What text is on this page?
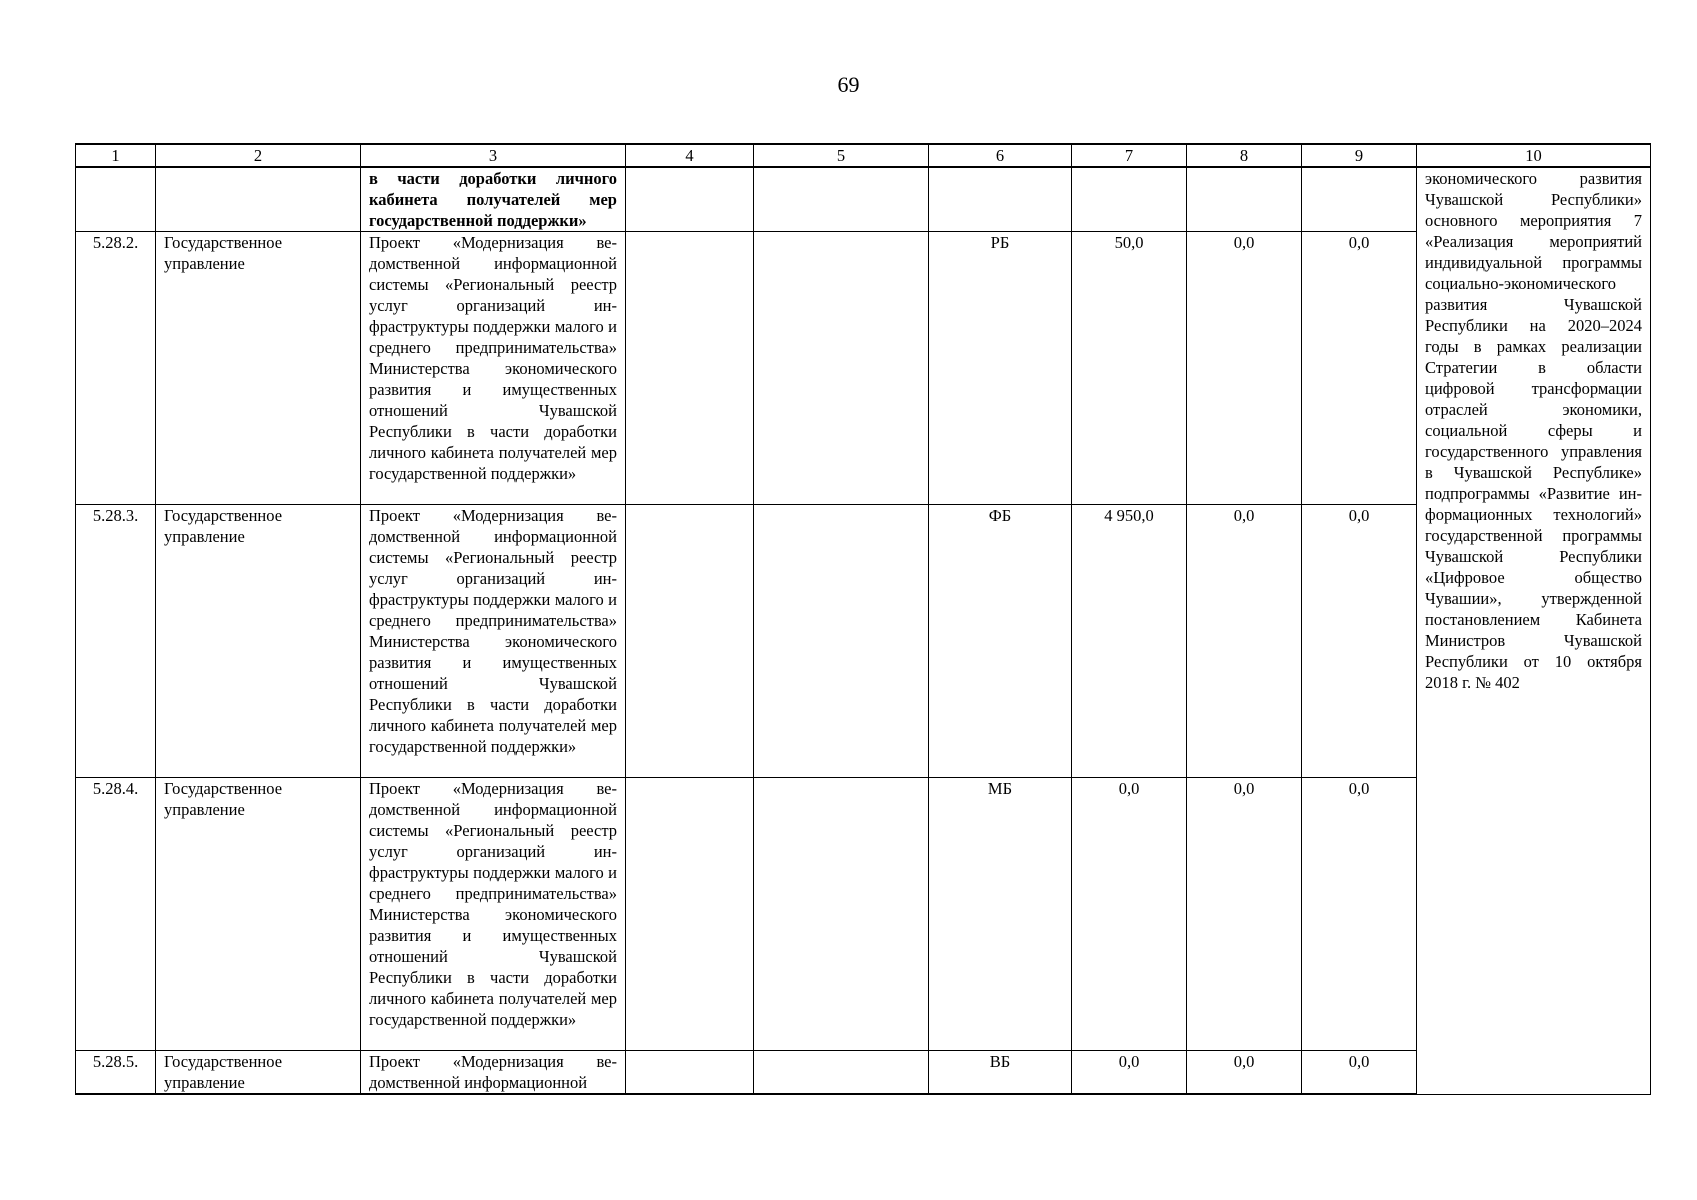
69
1	2	3	4	5	6	7	8	9	10
		в части доработки личного кабинета получателей мер государственной поддержки»							экономического развития Чувашской Республики» основного мероприятия 7 «Реализация мероприятий индивидуальной программы социально-экономического развития Чувашской Республики на 2020–2024 годы в рамках реализации Стратегии в области цифровой трансформации отраслей экономики, социальной сферы и государственного управления в Чувашской Республике» подпрограммы «Развитие информационных технологий» государственной программы Чувашской Республики «Цифровое общество Чувашии», утвержденной постановлением Кабинета Министров Чувашской Республики от 10 октября 2018 г. № 402
5.28.2.	Государственное управление	Проект «Модернизация ведомственной информационной системы «Региональный реестр услуг организаций инфраструктуры поддержки малого и среднего предпринимательства» Министерства экономического развития и имущественных отношений Чувашской Республики в части доработки личного кабинета получателей мер государственной поддержки»			РБ	50,0	0,0	0,0	
5.28.3.	Государственное управление	Проект «Модернизация ведомственной информационной системы «Региональный реестр услуг организаций инфраструктуры поддержки малого и среднего предпринимательства» Министерства экономического развития и имущественных отношений Чувашской Республики в части доработки личного кабинета получателей мер государственной поддержки»			ФБ	4 950,0	0,0	0,0	
5.28.4.	Государственное управление	Проект «Модернизация ведомственной информационной системы «Региональный реестр услуг организаций инфраструктуры поддержки малого и среднего предпринимательства» Министерства экономического развития и имущественных отношений Чувашской Республики в части доработки личного кабинета получателей мер государственной поддержки»			МБ	0,0	0,0	0,0	
5.28.5.	Государственное управление	Проект «Модернизация ведомственной информационной			ВБ	0,0	0,0	0,0	
